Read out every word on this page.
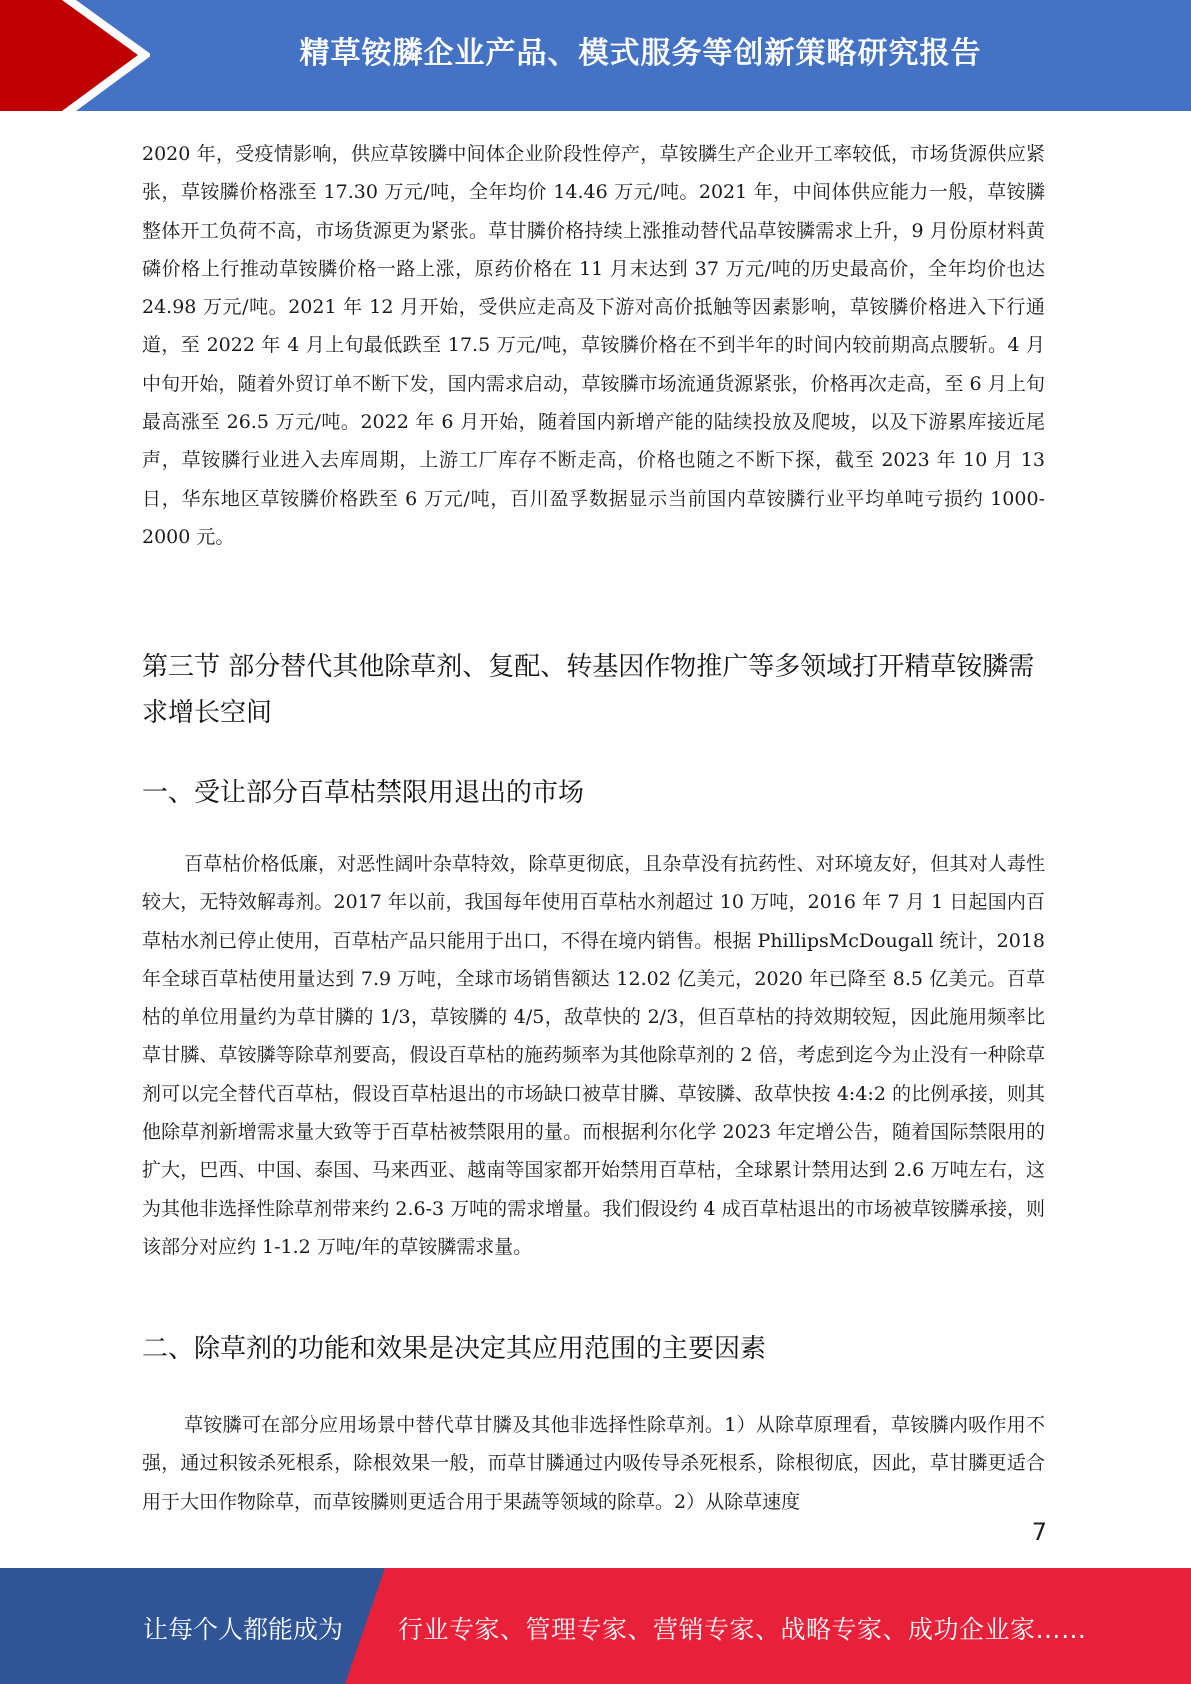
精草铵膦企业产品、模式服务等创新策略研究报告

2020 年，受疫情影响，供应草铵膦中间体企业阶段性停产，草铵膦生产企业开工率较低，市场货源供应紧张，草铵膦价格涨至 17.30 万元/吨，全年均价 14.46 万元/吨。2021 年，中间体供应能力一般，草铵膦整体开工负荷不高，市场货源更为紧张。草甘膦价格持续上涨推动替代品草铵膦需求上升，9 月份原材料黄磷价格上行推动草铵膦价格一路上涨，原药价格在 11 月末达到 37 万元/吨的历史最高价，全年均价也达 24.98 万元/吨。2021 年 12 月开始，受供应走高及下游对高价抵触等因素影响，草铵膦价格进入下行通道，至 2022 年 4 月上旬最低跌至 17.5 万元/吨，草铵膦价格在不到半年的时间内较前期高点腰斩。4 月中旬开始，随着外贸订单不断下发，国内需求启动，草铵膦市场流通货源紧张，价格再次走高，至 6 月上旬最高涨至 26.5 万元/吨。2022 年 6 月开始，随着国内新增产能的陆续投放及爬坡，以及下游累库接近尾声，草铵膦行业进入去库周期，上游工厂库存不断走高，价格也随之不断下探，截至 2023 年 10 月 13 日，华东地区草铵膦价格跌至 6 万元/吨，百川盈孚数据显示当前国内草铵膦行业平均单吨亏损约 1000-2000 元。

第三节 部分替代其他除草剂、复配、转基因作物推广等多领域打开精草铵膦需求增长空间
一、受让部分百草枯禁限用退出的市场

百草枯价格低廉，对恶性阔叶杂草特效，除草更彻底，且杂草没有抗药性、对环境友好，但其对人毒性较大，无特效解毒剂。2017 年以前，我国每年使用百草枯水剂超过 10 万吨，2016 年 7 月 1 日起国内百草枯水剂已停止使用，百草枯产品只能用于出口，不得在境内销售。根据 PhillipsMcDougall 统计，2018 年全球百草枯使用量达到 7.9 万吨，全球市场销售额达 12.02 亿美元，2020 年已降至 8.5 亿美元。百草枯的单位用量约为草甘膦的 1/3，草铵膦的 4/5，敌草快的 2/3，但百草枯的持效期较短，因此施用频率比草甘膦、草铵膦等除草剂要高，假设百草枯的施药频率为其他除草剂的 2 倍，考虑到迄今为止没有一种除草剂可以完全替代百草枯，假设百草枯退出的市场缺口被草甘膦、草铵膦、敌草快按 4:4:2 的比例承接，则其他除草剂新增需求量大致等于百草枯被禁限用的量。而根据利尔化学 2023 年定增公告，随着国际禁限用的扩大，巴西、中国、泰国、马来西亚、越南等国家都开始禁用百草枯，全球累计禁用达到 2.6 万吨左右，这为其他非选择性除草剂带来约 2.6-3 万吨的需求增量。我们假设约 4 成百草枯退出的市场被草铵膦承接，则该部分对应约 1-1.2 万吨/年的草铵膦需求量。

二、除草剂的功能和效果是决定其应用范围的主要因素

草铵膦可在部分应用场景中替代草甘膦及其他非选择性除草剂。1）从除草原理看，草铵膦内吸作用不强，通过积铵杀死根系，除根效果一般，而草甘膦通过内吸传导杀死根系，除根彻底，因此，草甘膦更适合用于大田作物除草，而草铵膦则更适合用于果蔬等领域的除草。2）从除草速度

7
让每个人都能成为 行业专家、管理专家、营销专家、战略专家、成功企业家……
